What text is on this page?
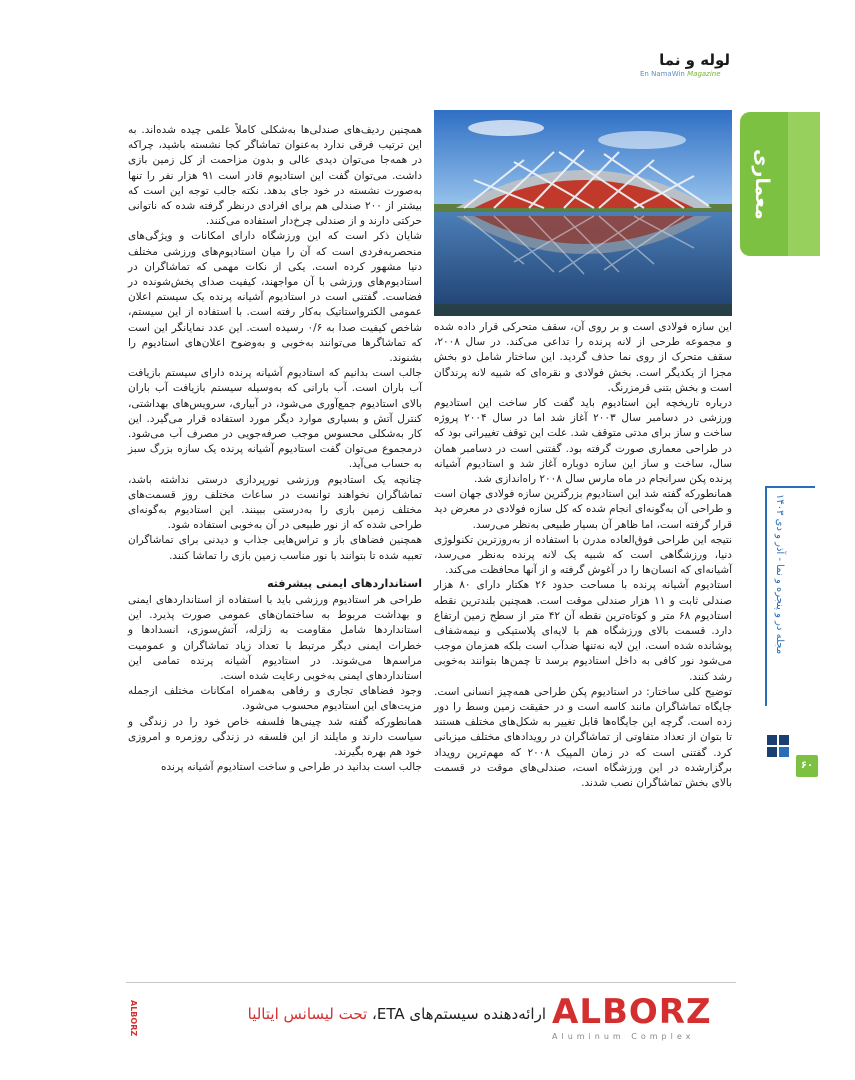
لوله و نما
En NamaWin Magazine
معماری
مجله در و پنجره و نما - آذر و دی ۱۴۰۳
۶۰

این سازه فولادی است و بر روی آن، سقف متحرکی قرار داده شده و مجموعه طرحی از لانه پرنده را تداعی می‌کند. در سال ۲۰۰۸، سقف متحرک از روی نما حذف گردید. این ساختار شامل دو بخش مجزا از یکدیگر است. بخش فولادی و نقره‌ای که شبیه لانه پرندگان است و بخش بتنی قرمزرنگ.

درباره تاریخچه این استادیوم باید گفت کار ساخت این استادیوم ورزشی در دسامبر سال ۲۰۰۳ آغاز شد اما در سال ۲۰۰۴ پروژه ساخت و ساز برای مدتی متوقف شد. علت این توقف تغییراتی بود که در طراحی معماری صورت گرفته بود. گفتنی است در دسامبر همان سال، ساخت و ساز این سازه دوباره آغاز شد و استادیوم آشیانه پرنده پکن سرانجام در ماه مارس سال ۲۰۰۸ راه‌اندازی شد.

همانطورکه گفته شد این استادیوم بزرگترین سازه فولادی جهان است و طراحی آن به‌گونه‌ای انجام شده که کل سازه فولادی در معرض دید قرار گرفته است، اما ظاهر آن بسیار طبیعی به‌نظر می‌رسد.

نتیجه این طراحی فوق‌العاده مدرن با استفاده از به‌روزترین تکنولوژی دنیا، ورزشگاهی است که شبیه یک لانه پرنده به‌نظر می‌رسد، آشیانه‌ای که انسان‌ها را در آغوش گرفته و از آنها محافظت می‌کند.

استادیوم آشیانه پرنده با مساحت حدود ۲۶ هکتار دارای ۸۰ هزار صندلی ثابت و ۱۱ هزار صندلی موقت است. همچنین بلندترین نقطه استادیوم ۶۸ متر و کوتاه‌ترین نقطه آن ۴۲ متر از سطح زمین ارتفاع دارد. قسمت بالای ورزشگاه هم با لایه‌ای پلاستیکی و نیمه‌شفاف پوشانده شده است. این لایه نه‌تنها ضدآب است بلکه همزمان موجب می‌شود نور کافی به داخل استادیوم برسد تا چمن‌ها بتوانند به‌خوبی رشد کنند.

توضیح کلی ساختار: در استادیوم پکن طراحی همه‌چیز انسانی است. جایگاه تماشاگران مانند کاسه است و در حقیقت زمین وسط را دور زده است. گرچه این جایگاه‌ها قابل تغییر به شکل‌های مختلف هستند تا بتوان از تعداد متفاوتی از تماشاگران در رویدادهای مختلف میزبانی کرد. گفتنی است که در زمان المپیک ۲۰۰۸ که مهم‌ترین رویداد برگزارشده در این ورزشگاه است، صندلی‌های موقت در قسمت بالای بخش تماشاگران نصب شدند.

همچنین ردیف‌های صندلی‌ها به‌شکلی کاملاً علمی چیده شده‌اند. به این ترتیب فرقی ندارد به‌عنوان تماشاگر کجا نشسته باشید، چراکه در همه‌جا می‌توان دیدی عالی و بدون مزاحمت از کل زمین بازی داشت. می‌توان گفت این استادیوم قادر است ۹۱ هزار نفر را تنها به‌صورت نشسته در خود جای بدهد. نکته جالب توجه این است که بیشتر از ۲۰۰ صندلی هم برای افرادی درنظر گرفته شده که ناتوانی حرکتی دارند و از صندلی چرخ‌دار استفاده می‌کنند.

شایان ذکر است که این ورزشگاه دارای امکانات و ویژگی‌های منحصربه‌فردی است که آن را میان استادیوم‌های ورزشی مختلف دنیا مشهور کرده است. یکی از نکات مهمی که تماشاگران در استادیوم‌های ورزشی با آن مواجهند، کیفیت صدای پخش‌شونده در فضاست. گفتنی است در استادیوم آشیانه پرنده یک سیستم اعلان عمومی الکترواستاتیک به‌کار رفته است. با استفاده از این سیستم، شاخص کیفیت صدا به ۰/۶ رسیده است. این عدد نمایانگر این است که تماشاگرها می‌توانند به‌خوبی و به‌وضوح اعلان‌های استادیوم را بشنوند.

جالب است بدانیم که استادیوم آشیانه پرنده دارای سیستم بازیافت آب باران است. آب بارانی که به‌وسیله سیستم بازیافت آب باران بالای استادیوم جمع‌آوری می‌شود، در آبیاری، سرویس‌های بهداشتی، کنترل آتش و بسیاری موارد دیگر مورد استفاده قرار می‌گیرد. این کار به‌شکلی محسوس موجب صرفه‌جویی در مصرف آب می‌شود. درمجموع می‌توان گفت استادیوم آشیانه پرنده یک سازه بزرگ سبز به حساب می‌آید.

چنانچه یک استادیوم ورزشی نورپردازی درستی نداشته باشد، تماشاگران نخواهند توانست در ساعات مختلف روز قسمت‌های مختلف زمین بازی را به‌درستی ببینند. این استادیوم به‌گونه‌ای طراحی شده که از نور طبیعی در آن به‌خوبی استفاده شود.

همچنین فضاهای باز و تراس‌هایی جذاب و دیدنی برای تماشاگران تعبیه شده تا بتوانند با نور مناسب زمین بازی را تماشا کنند.

استانداردهای ایمنی پیشرفته

طراحی هر استادیوم ورزشی باید با استفاده از استانداردهای ایمنی و بهداشت مربوط به ساختمان‌های عمومی صورت پذیرد. این استانداردها شامل مقاومت به زلزله، آتش‌سوزی، انسدادها و خطرات ایمنی دیگر مرتبط با تعداد زیاد تماشاگران و عموميت مراسم‌ها می‌شوند. در استادیوم آشیانه پرنده تمامی این استانداردهای ایمنی به‌خوبی رعایت شده است.

وجود فضاهای تجاری و رفاهی به‌همراه امکانات مختلف ازجمله مزیت‌های این استادیوم محسوب می‌شود.

همانطورکه گفته شد چینی‌ها فلسفه خاص خود را در زندگی و سیاست دارند و مایلند از این فلسفه در زندگی روزمره و امروزی خود هم بهره بگیرند.

جالب است بدانید در طراحی و ساخت استادیوم آشیانه پرنده

ALBORZ	ارائه‌دهنده سیستم‌های ETA، تحت لیسانس ایتالیا	ALBORZ
Aluminum Complex
